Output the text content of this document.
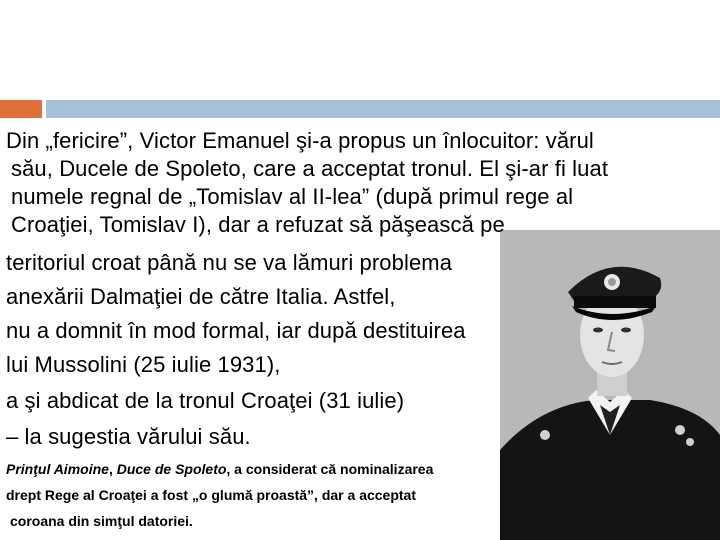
Din „fericire”, Victor Emanuel şi-a propus un înlocuitor: vărul
său, Ducele de Spoleto, care a acceptat tronul. El şi-ar fi luat
numele regnal de „Tomislav al II-lea” (după primul rege al
Croaţiei, Tomislav I), dar a refuzat să păşească pe
teritoriul croat până nu se va lămuri problema
anexării Dalmaţiei de către Italia. Astfel,
nu a domnit în mod formal, iar după destituirea
lui Mussolini (25 iulie 1931),
a şi abdicat de la tronul Croaţei (31 iulie)
– la sugestia vărului său.
Prinţul Aimoine, Duce de Spoleto, a considerat că nominalizarea
drept Rege al Croaţei a fost „o glumă proastă”, dar a acceptat
coroana din simţul datoriei.
